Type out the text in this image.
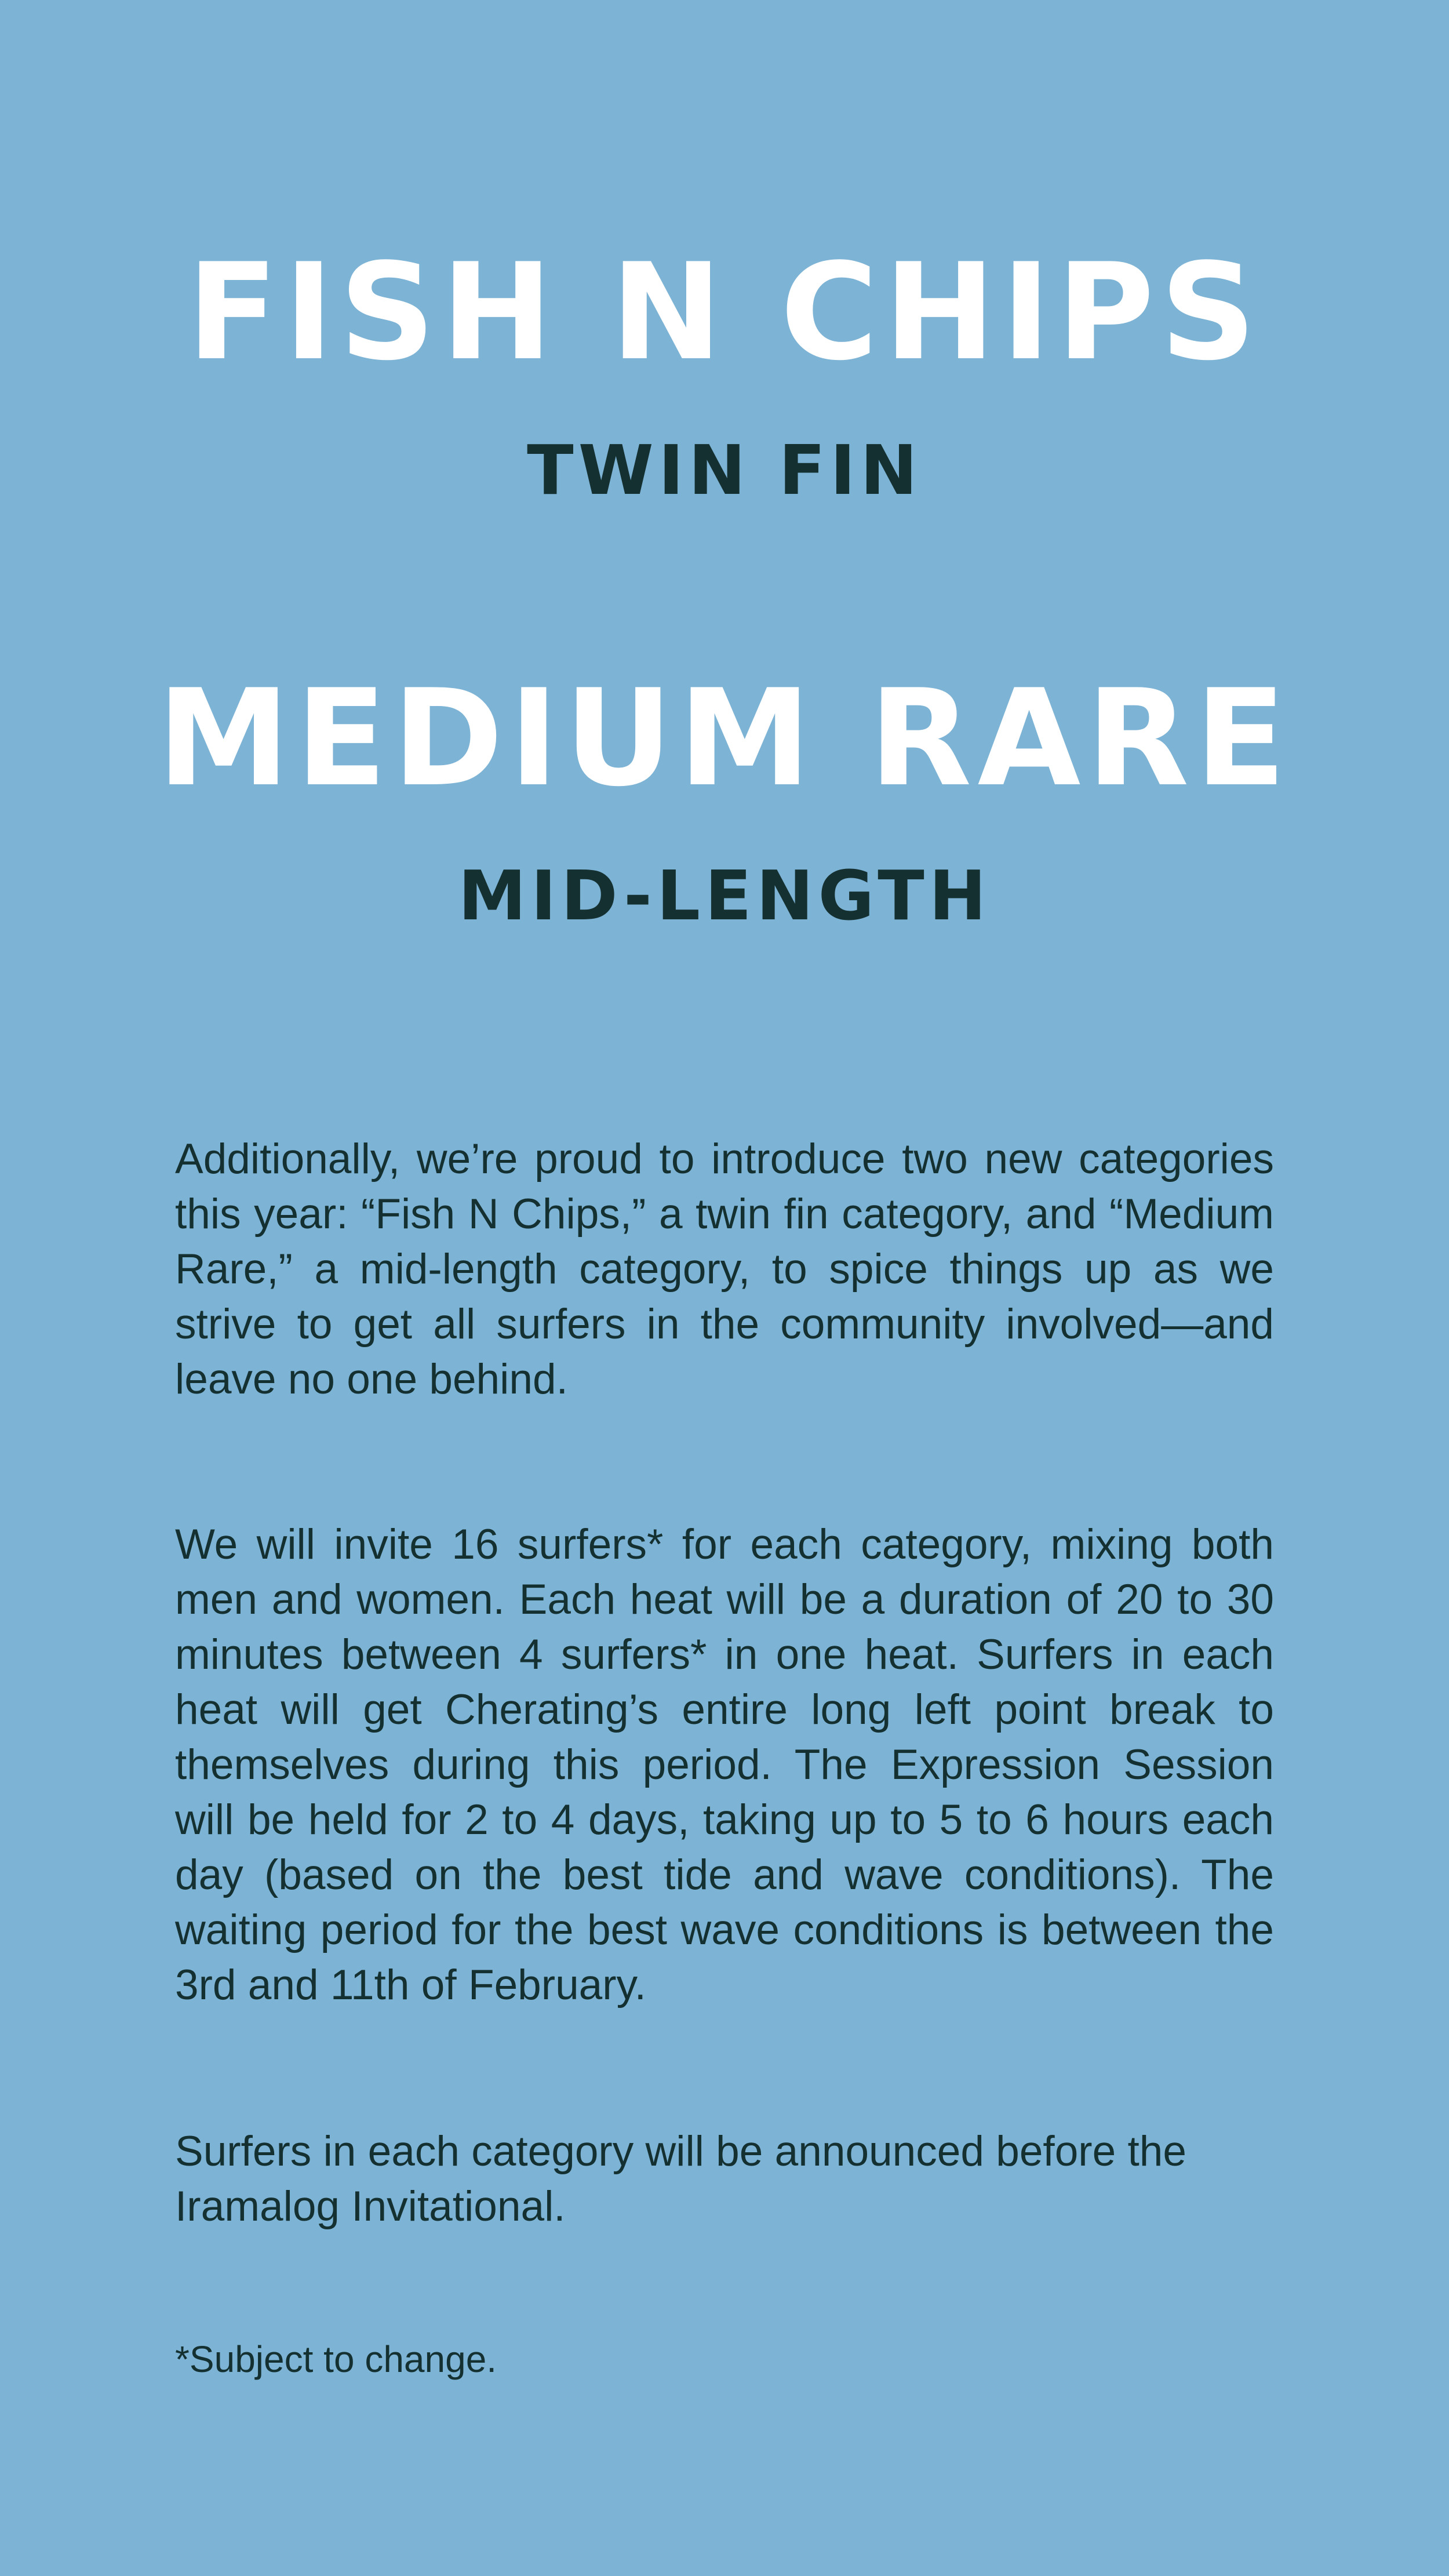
FISH N CHIPS
TWIN FIN
MEDIUM RARE
MID-LENGTH

Additionally, we’re proud to introduce two new categories this year: “Fish N Chips,” a twin fin category, and “Medium Rare,” a mid-length category, to spice things up as we strive to get all surfers in the community involved—and leave no one behind.

We will invite 16 surfers* for each category, mixing both men and women. Each heat will be a duration of 20 to 30 minutes between 4 surfers* in one heat. Surfers in each heat will get Cherating’s entire long left point break to themselves during this period. The Expression Session will be held for 2 to 4 days, taking up to 5 to 6 hours each day (based on the best tide and wave conditions). The waiting period for the best wave conditions is between the 3rd and 11th of February.

Surfers in each category will be announced before the Iramalog Invitational.

*Subject to change.
